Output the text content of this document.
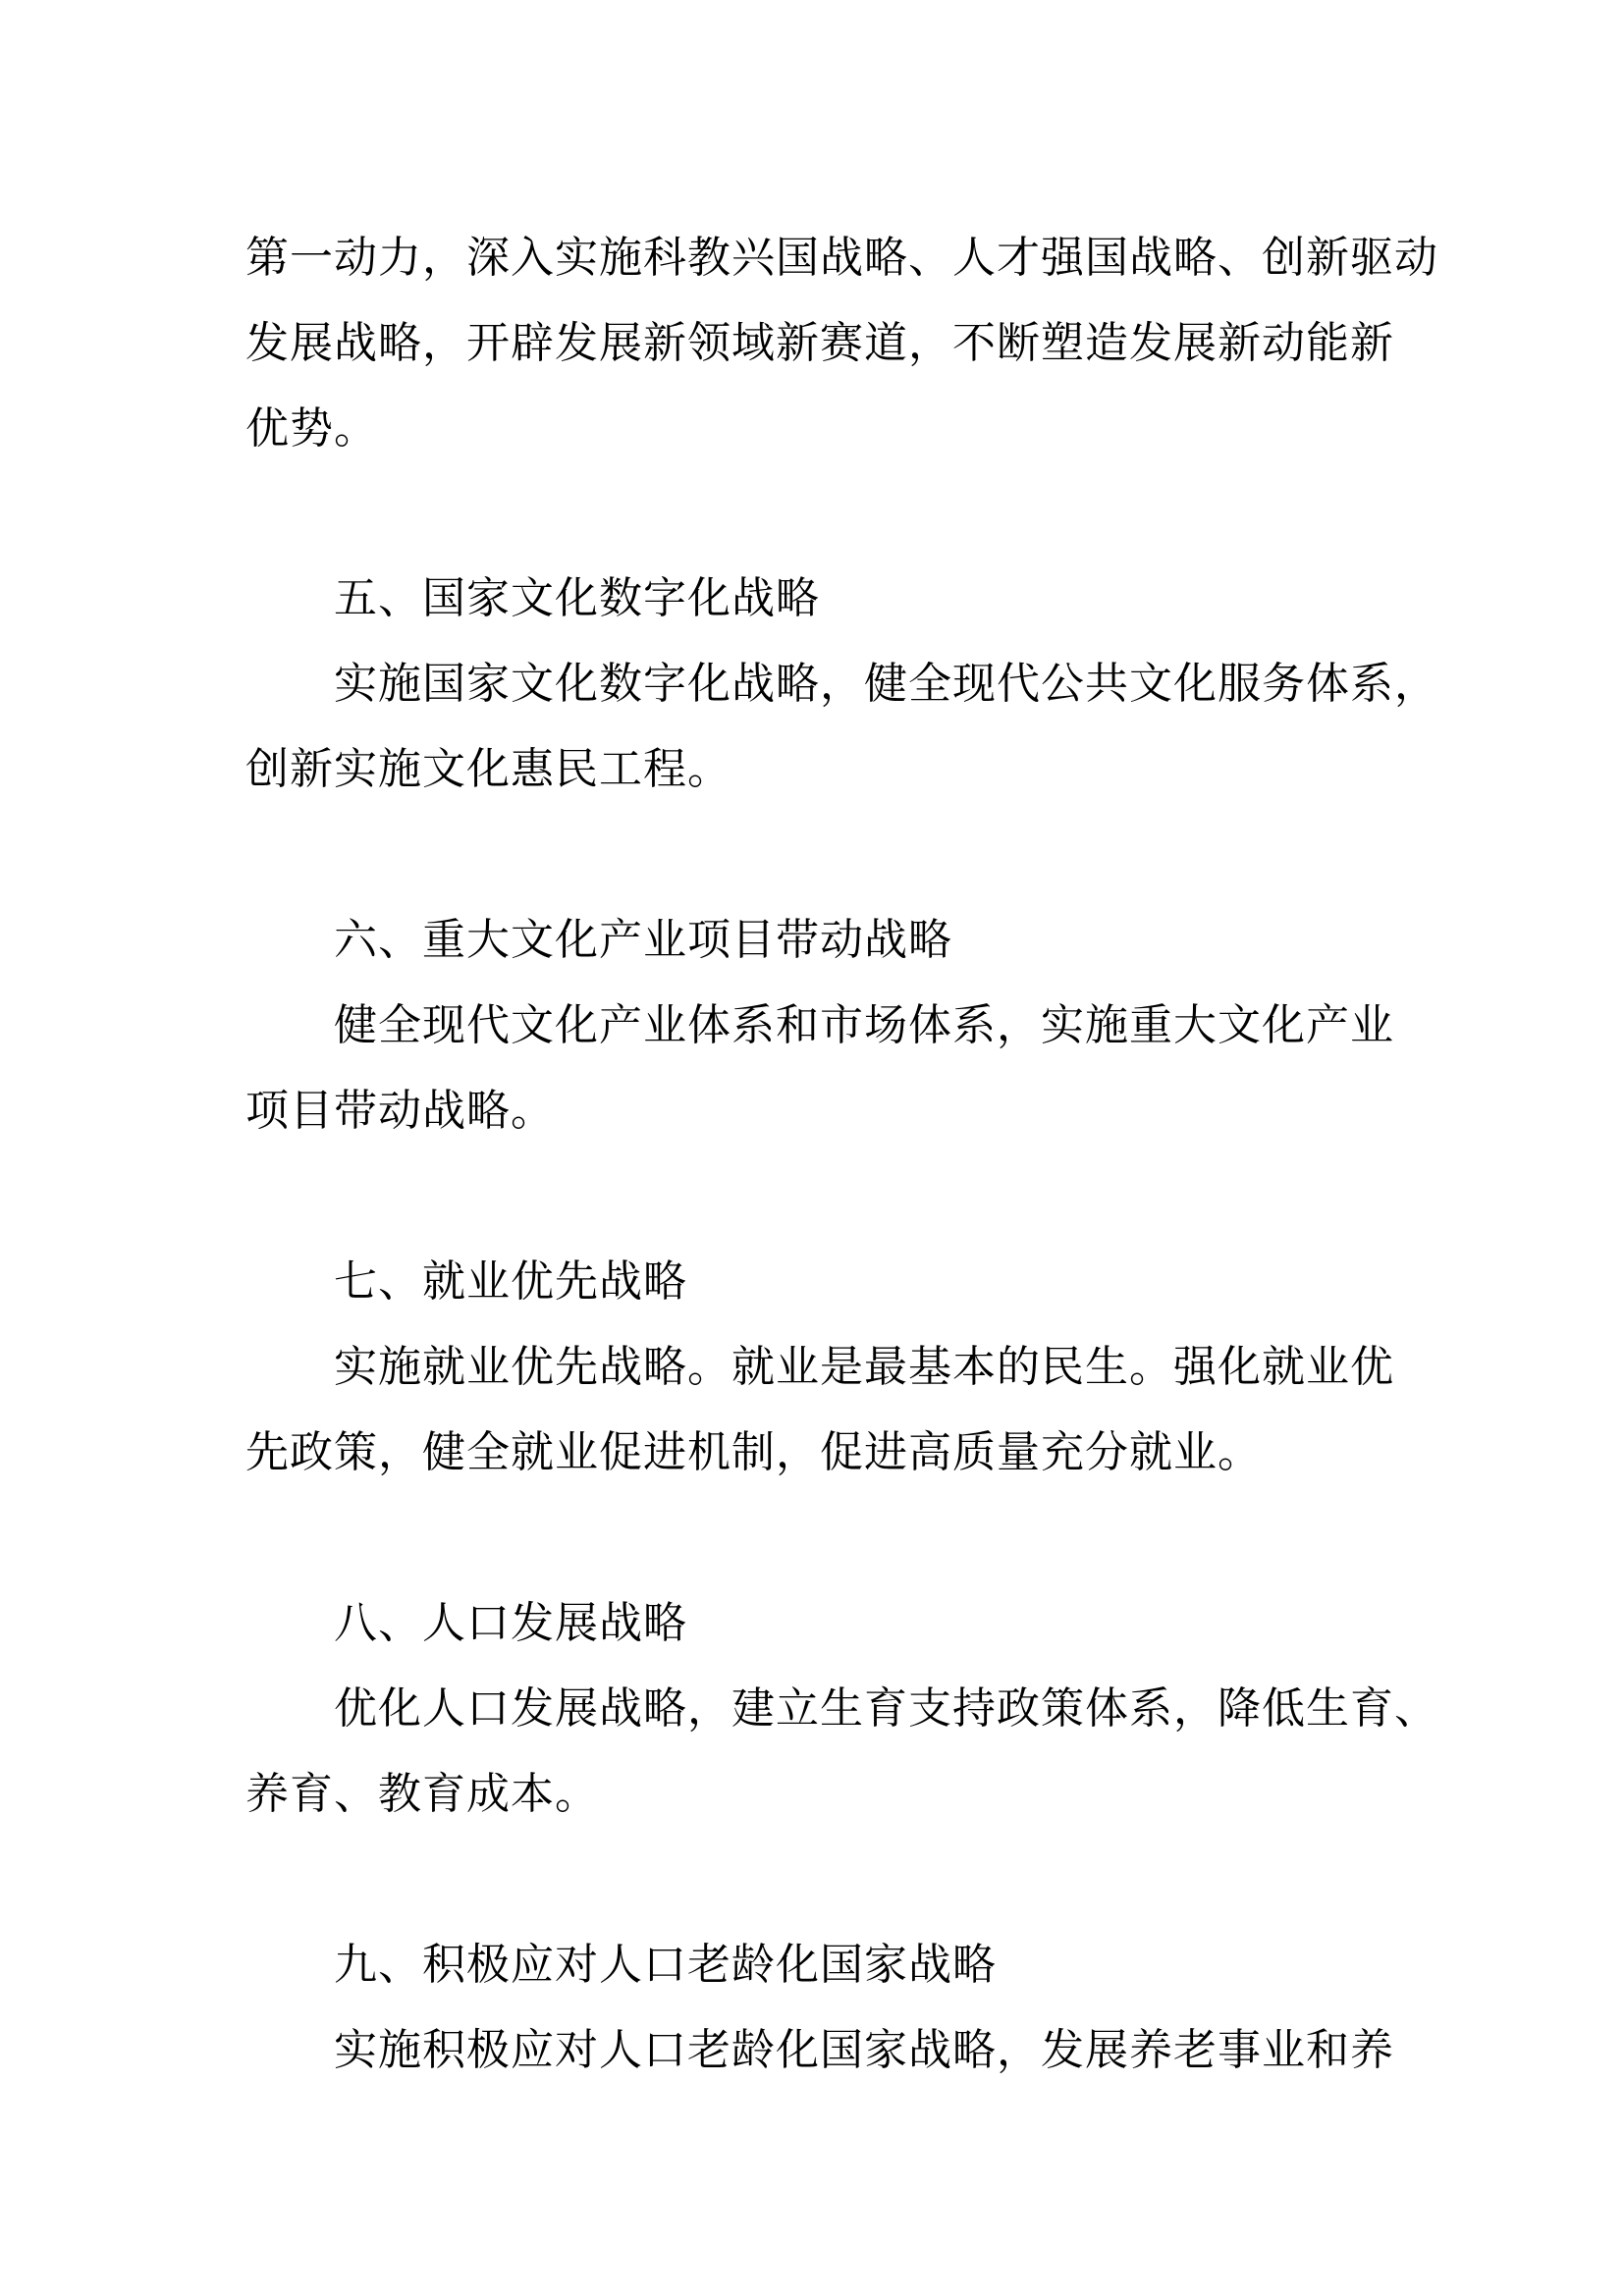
第一动力，深入实施科教兴国战略、人才强国战略、创新驱动
发展战略，开辟发展新领域新赛道，不断塑造发展新动能新
优势。
五、国家文化数字化战略
实施国家文化数字化战略，健全现代公共文化服务体系，
创新实施文化惠民工程。
六、重大文化产业项目带动战略
健全现代文化产业体系和市场体系，实施重大文化产业
项目带动战略。
七、就业优先战略
实施就业优先战略。就业是最基本的民生。强化就业优
先政策，健全就业促进机制，促进高质量充分就业。
八、人口发展战略
优化人口发展战略，建立生育支持政策体系，降低生育、
养育、教育成本。
九、积极应对人口老龄化国家战略
实施积极应对人口老龄化国家战略，发展养老事业和养
